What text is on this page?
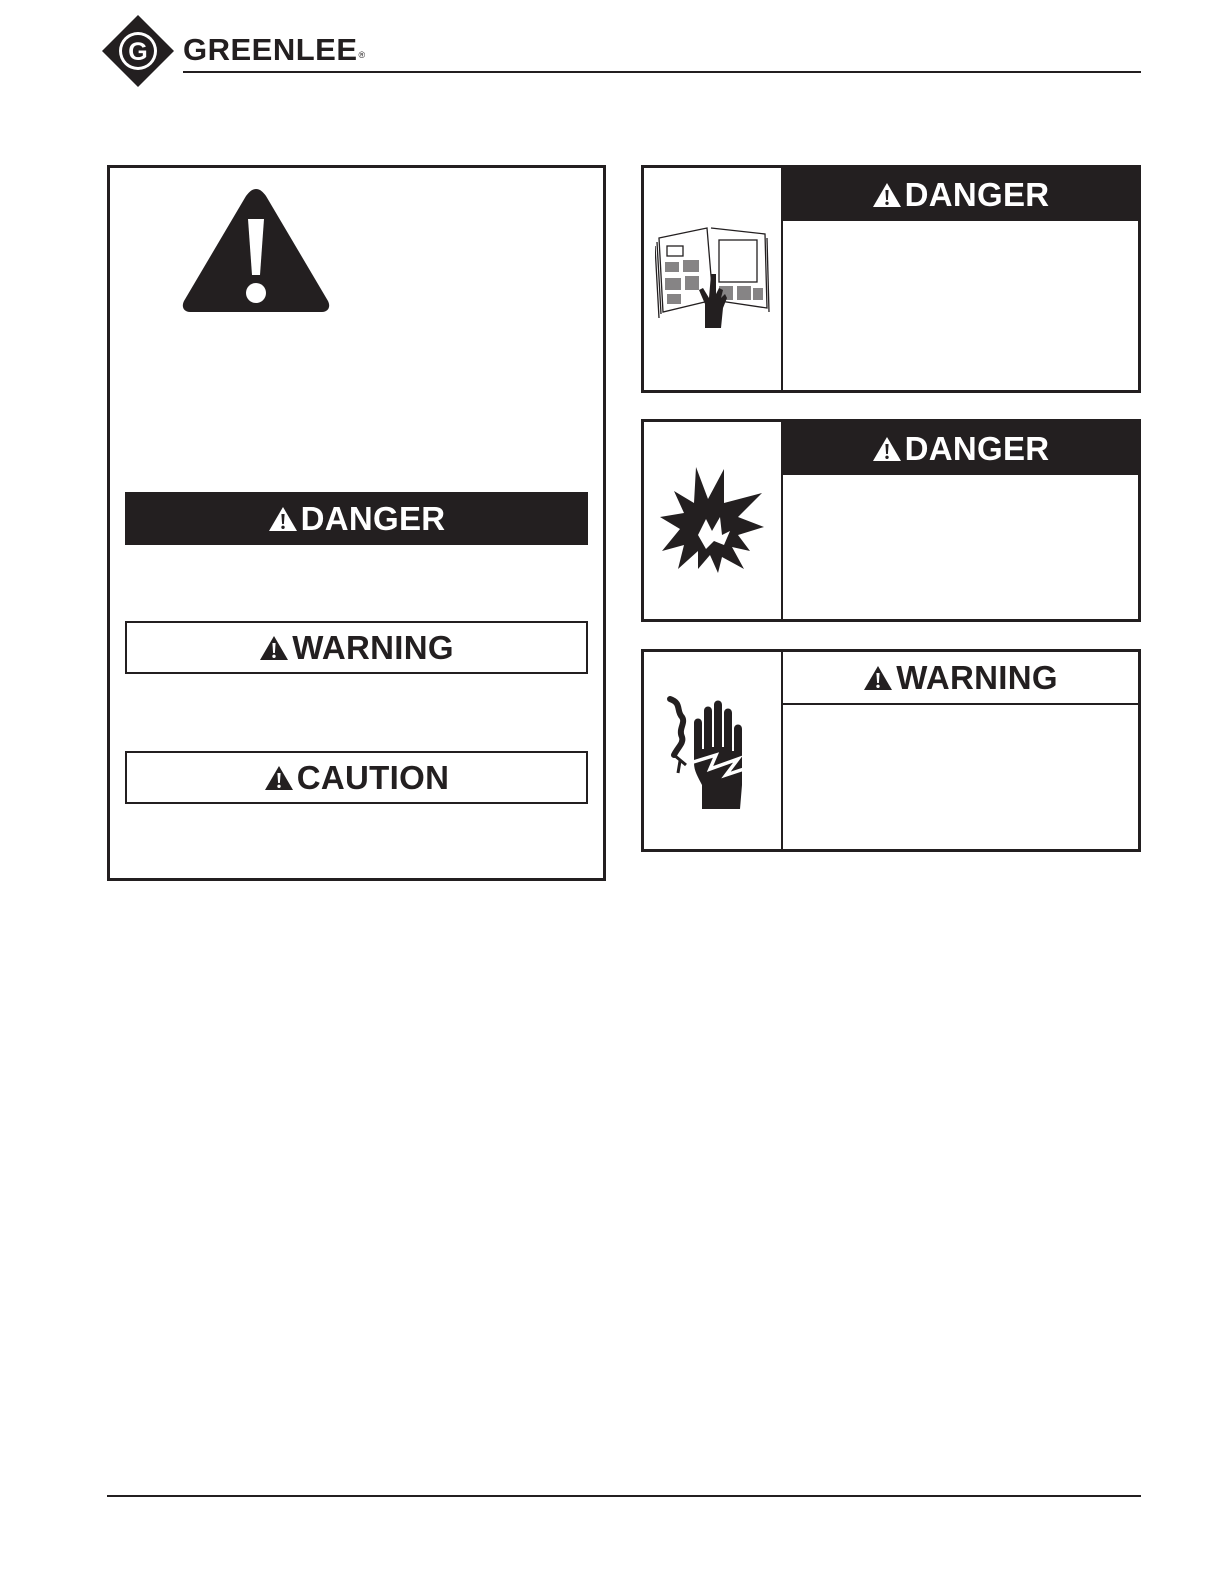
G GREENLEE®
DANGER
WARNING
CAUTION
DANGER
DANGER
WARNING
